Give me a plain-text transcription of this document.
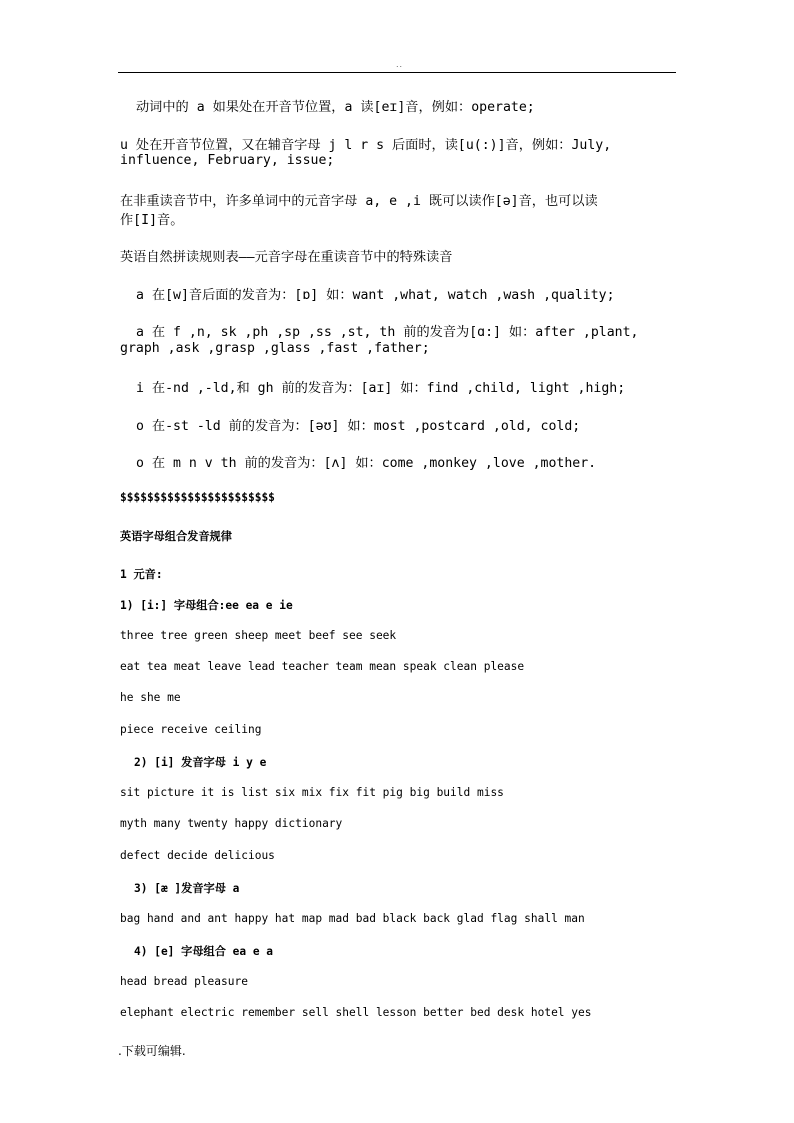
..
动词中的 a 如果处在开音节位置，a 读[eɪ]音，例如：operate;
u 处在开音节位置，又在辅音字母 j l r s 后面时，读[u(:)]音，例如：July,
influence, February, issue;
在非重读音节中，许多单词中的元音字母 a, e ,i 既可以读作[ə]音，也可以读
作[I]音。
英语自然拼读规则表——元音字母在重读音节中的特殊读音
a 在[w]音后面的发音为：[ɒ] 如：want ,what, watch ,wash ,quality;
a 在 f ,n, sk ,ph ,sp ,ss ,st, th 前的发音为[ɑ:] 如：after ,plant,
graph ,ask ,grasp ,glass ,fast ,father;
i 在-nd ,-ld,和 gh 前的发音为：[aɪ] 如：find ,child, light ,high;
o 在-st -ld 前的发音为：[əʊ] 如：most ,postcard ,old, cold;
o 在 m n v th 前的发音为：[ʌ] 如：come ,monkey ,love ,mother.
$$$$$$$$$$$$$$$$$$$$$$$
英语字母组合发音规律
1 元音:
1) [i:] 字母组合:ee ea e ie
three tree green sheep meet beef see seek
eat tea meat leave lead teacher team mean speak clean please
he she me
piece receive ceiling
2) [i] 发音字母 i y e
sit picture it is list six mix fix fit pig big build miss
myth many twenty happy dictionary
defect decide delicious
3) [æ ]发音字母 a
bag hand and ant happy hat map mad bad black back glad flag shall man
4) [e] 字母组合 ea e a
head bread pleasure
elephant electric remember sell shell lesson better bed desk hotel yes
.下载可编辑.
